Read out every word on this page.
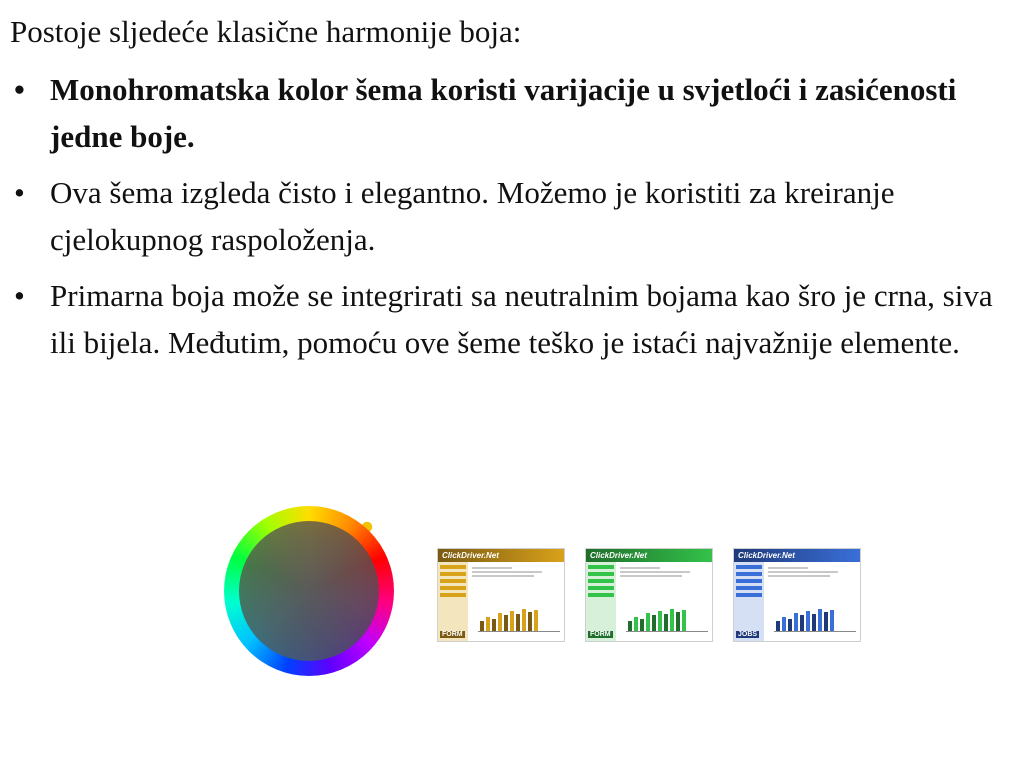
Postoje sljedeće klasične harmonije boja:

• Monohromatska kolor šema koristi varijacije u svjetloći i zasićenosti jedne boje.
• Ova šema izgleda čisto i elegantno. Možemo je koristiti za kreiranje cjelokupnog raspoloženja.
• Primarna boja može se integrirati sa neutralnim bojama kao šro je crna, siva ili bijela. Međutim, pomoću ove šeme teško je istaći najvažnije elemente.
ClickDriver.Net
FORM
ClickDriver.Net
FORM
ClickDriver.Net
JOBS
